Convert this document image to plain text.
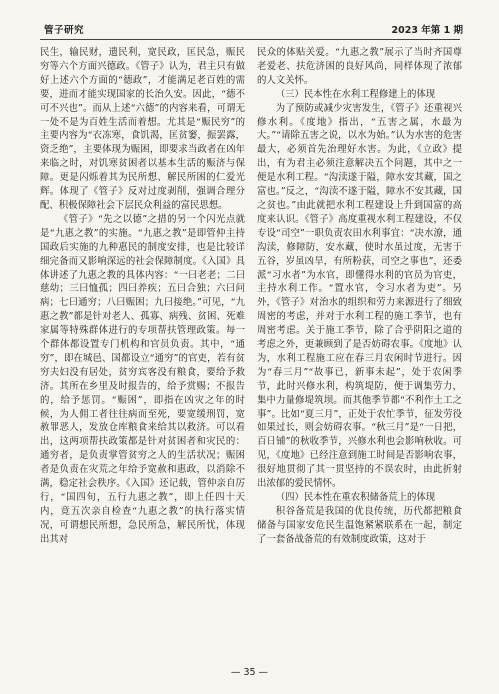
管子研究	2023 年第 1 期

民生，输民财，遗民利，宽民政，匡民急，赈民穷等六个方面兴德政。《管子》认为，君主只有做好上述六个方面的“德政”，才能满足老百姓的需要，进而才能实现国家的长治久安。因此，“德不可不兴也”。而从上述“六德”的内容来看，可谓无一处不是为百姓生活而着想。尤其是“赈民穷”的主要内容为“衣冻寒，食饥渴，匡贫窭，振罢露，资乏绝”，主要体现为赈困，即要求当政者在凶年来临之时，对饥寒贫困者以基本生活的赈济与保障。更是闪烁着其为民所想、解民所困的仁爱光辉。体现了《管子》反对过度剥削，强调合理分配、积极保障社会下层民众利益的富民思想。

《管子》“先之以德”之措的另一个闪光点就是“九惠之教”的实施。“九惠之教”是即管仲主持国政后实施的九种惠民的制度安排，也是比较详细完备而又影响深远的社会保障制度。《入国》具体讲述了九惠之教的具体内容：“一曰老老；二曰慈幼；三曰恤孤；四曰养疾；五曰合独；六曰问病；七曰通穷；八曰赈困；九曰接绝。”可见，“九惠之教”都是针对老人、孤寡、病残、贫困、死难家属等特殊群体进行的专项帮扶管理政策。每一个群体都设置专门机构和官员负责。其中，“通穷”，即在城邑、国都设立“通穷”的官吏，若有贫穷夫妇没有居处，贫穷宾客没有粮食，要给予救济。其所在乡里及时报告的，给予赏赐；不报告的，给予惩罚。“赈困”，即指在凶灾之年的时候，为人佣工者往往病而至死，要宽缓刑罚，宽赦罪恶人，发放仓库粮食来给其以救济。可以看出，这两项帮扶政策都是针对贫困者和灾民的：通穷者，是负责掌管贫穷之人的生活状况；赈困者是负责在灾荒之年给予宽赦和惠政，以消除不满，稳定社会秩序。《入国》还记载，管仲亲自厉行，“国四旬，五行九惠之教”，即上任四十天内，竟五次亲自检查“九惠之教”的执行落实情况，可谓想民所想，急民所急，解民所忧，体现出其对

民众的体贴关爱。“九惠之教”展示了当时齐国尊老爱老、扶危济困的良好风尚，同样体现了浓郁的人文关怀。

（三）民本性在水利工程修建上的体现

为了预防或减少灾害发生，《管子》还重视兴修水利。《度地》指出，“五害之属，水最为大。”“请除五害之说，以水为始。”认为水害的危害最大，必须首先治理好水害。为此，《立政》提出，有为君主必须注意解决五个问题，其中之一便是水利工程。“沟渎遂于隘，障水安其藏，国之富也。”反之，“沟渎不遂于隘，障水不安其藏，国之贫也。”由此就把水利工程建设上升到国富的高度来认识。《管子》高度重视水利工程建设，不仅专设“司空”一职负责农田水利事宜：“决水潦，通沟渎，修障防，安水藏，使时水虽过度，无害于五谷，岁虽凶旱，有所粉获，司空之事也”，还委派“习水者”为水官，即懂得水利的官员为官吏，主持水利工作。“置水官，令习水者为吏”。另外，《管子》对治水的组织和劳力来源进行了细致周密的考虑，并对于水利工程的施工季节，也有周密考虑。关于施工季节，除了合乎阴阳之道的考虑之外，更兼顾到了是否妨碍农事。《度地》认为，水利工程施工应在春三月农闲时节进行。因为“春三月”“故事已，新事未起”，处于农闲季节，此时兴修水利，构筑堤防，便于调集劳力，集中力量修堤筑坝。而其他季节都“不利作土工之事”。比如“夏三月”，正处于农忙季节，征发劳役如果过长，则会妨碍农事。“秋三月”是“一日把，百日铺”的秋收季节，兴修水利也会影响秋收。可见，《度地》已经注意到施工时间是否影响农事，很好地贯彻了其一贯坚持的不误农时，由此折射出浓郁的爱民情怀。

（四）民本性在重农积储备荒上的体现

积谷备荒是我国的优良传统，历代都把粮食储备与国家安危民生温饱紧紧联系在一起，制定了一套备战备荒的有效制度政策，这对于

— 35 —
